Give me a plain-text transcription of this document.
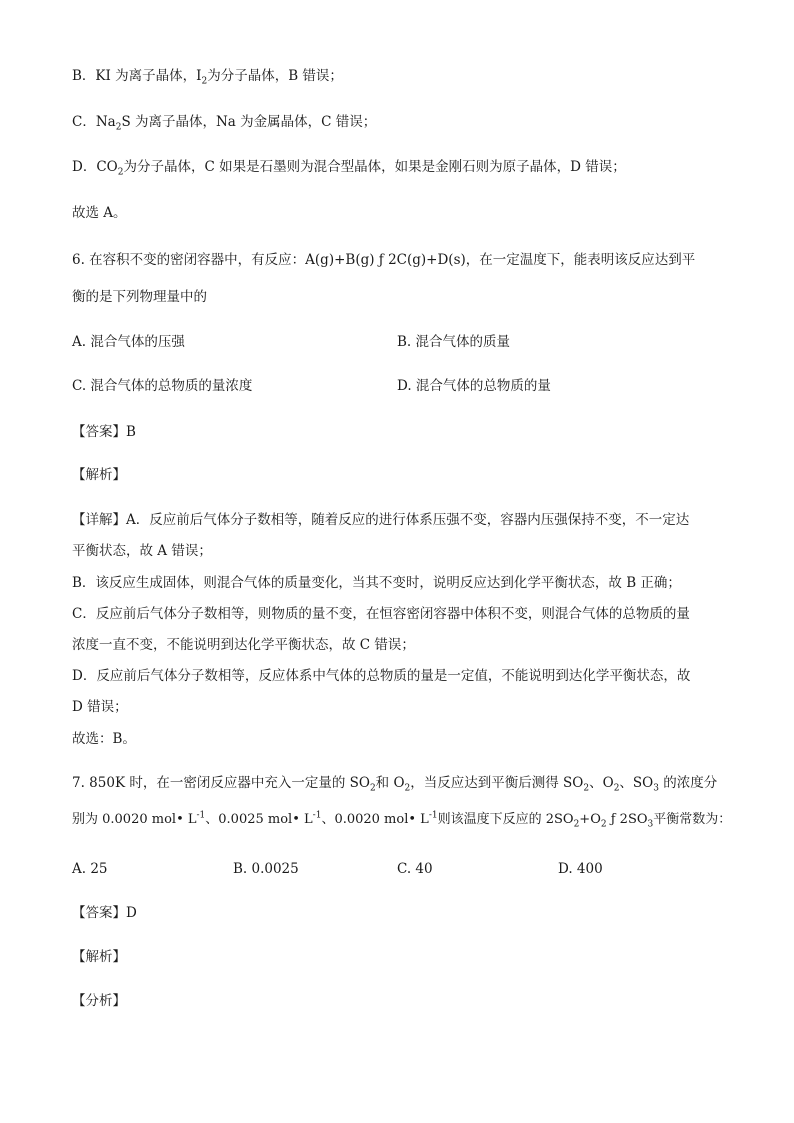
B．KI 为离子晶体，$I_2$为分子晶体，B 错误；
C．$Na_2S$ 为离子晶体，Na 为金属晶体，C 错误；
D．$CO_2$为分子晶体，C 如果是石墨则为混合型晶体，如果是金刚石则为原子晶体，D 错误；
故选 A。
6. 在容积不变的密闭容器中，有反应：A(g)+B(g) ƒ 2C(g)+D(s)，在一定温度下，能表明该反应达到平
衡的是下列物理量中的
A. 混合气体的压强	B. 混合气体的质量
C. 混合气体的总物质的量浓度	D. 混合气体的总物质的量
【答案】B
【解析】
【详解】A．反应前后气体分子数相等，随着反应的进行体系压强不变，容器内压强保持不变，不一定达
平衡状态，故 A 错误；
B．该反应生成固体，则混合气体的质量变化，当其不变时，说明反应达到化学平衡状态，故 B 正确；
C．反应前后气体分子数相等，则物质的量不变，在恒容密闭容器中体积不变，则混合气体的总物质的量
浓度一直不变，不能说明到达化学平衡状态，故 C 错误；
D．反应前后气体分子数相等，反应体系中气体的总物质的量是一定值，不能说明到达化学平衡状态，故
D 错误；
故选：B。
7. 850K 时，在一密闭反应器中充入一定量的 $SO_2$和 $O_2$，当反应达到平衡后测得 $SO_2$、$O_2$、$SO_3$ 的浓度分
别为 0.0020 mol• $L^{-1}$、0.0025 mol• $L^{-1}$、0.0020 mol• $L^{-1}$则该温度下反应的 $2SO_2+O_2$ ƒ $2SO_3$平衡常数为：
A. 25	B. 0.0025	C. 40	D. 400
【答案】D
【解析】
【分析】
